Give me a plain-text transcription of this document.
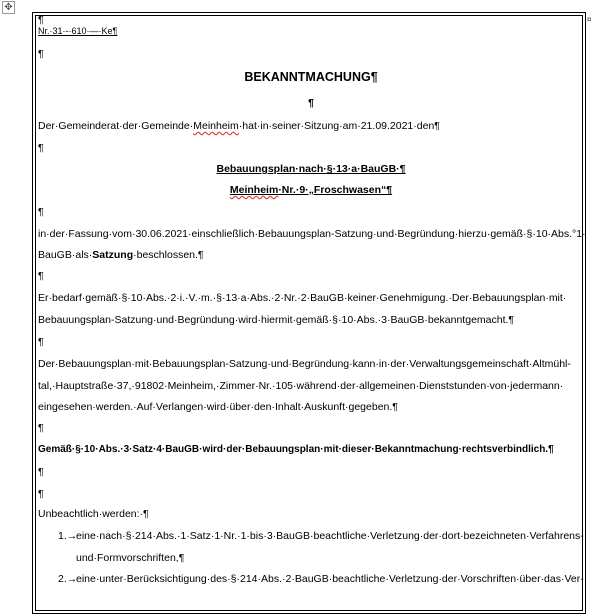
✥
¤
¶
Nr.·31·-·610·—·Ke¶
¶
BEKANNTMACHUNG¶
¶
Der·Gemeinderat·der·Gemeinde·Meinheim·hat·in·seiner·Sitzung·am·21.09.2021·den¶
¶
Bebauungsplan·nach·§·13·a·BauGB·¶
Meinheim·Nr.·9·„Froschwasen“¶
¶
in·der·Fassung·vom·30.06.2021·einschließlich·Bebauungsplan-Satzung·und·Begründung·hierzu·gemäß·§·10·Abs.°1·
BauGB·als·Satzung·beschlossen.¶
¶
Er·bedarf·gemäß·§·10·Abs.·2·i.·V.·m.·§·13·a·Abs.·2·Nr.·2·BauGB·keiner·Genehmigung.·Der·Bebauungsplan·mit·
Bebauungsplan-Satzung·und·Begründung·wird·hiermit·gemäß·§·10·Abs.·3·BauGB·bekanntgemacht.¶
¶
Der·Bebauungsplan·mit·Bebauungsplan-Satzung·und·Begründung·kann·in·der·Verwaltungsgemeinschaft·Altmühl-
tal,·Hauptstraße·37,·91802·Meinheim,·Zimmer·Nr.·105·während·der·allgemeinen·Dienststunden·von·jedermann·
eingesehen·werden.·Auf·Verlangen·wird·über·den·Inhalt·Auskunft·gegeben.¶
¶
Gemäß·§·10·Abs.·3·Satz·4·BauGB·wird·der·Bebauungsplan·mit·dieser·Bekanntmachung·rechtsverbindlich.¶
¶
¶
Unbeachtlich·werden:·¶
1.→
eine·nach·§·214·Abs.·1·Satz·1·Nr.·1·bis·3·BauGB·beachtliche·Verletzung·der·dort·bezeichneten·Verfahrens-
und·Formvorschriften,¶
2.→
eine·unter·Berücksichtigung·des·§·214·Abs.·2·BauGB·beachtliche·Verletzung·der·Vorschriften·über·das·Ver-
